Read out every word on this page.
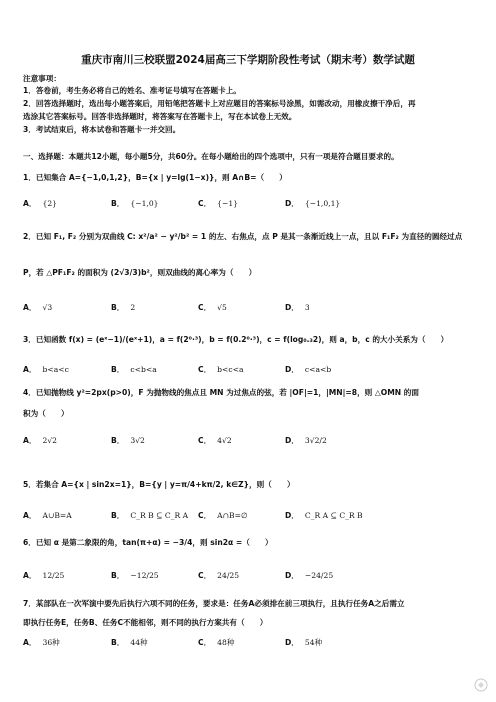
重庆市南川三校联盟2024届高三下学期阶段性考试（期末考）数学试题
注意事项：
1．答卷前，考生务必将自己的姓名、准考证号填写在答题卡上。
2．回答选择题时，选出每小题答案后，用铅笔把答题卡上对应题目的答案标号涂黑，如需改动，用橡皮擦干净后，再
选涂其它答案标号。回答非选择题时，将答案写在答题卡上，写在本试卷上无效。
3．考试结束后，将本试卷和答题卡一并交回。
一、选择题：本题共12小题，每小题5分，共60分。在每小题给出的四个选项中，只有一项是符合题目要求的。
1．已知集合 A={−1,0,1,2}，B={x | y=lg(1−x)}，则 A∩B=（　　）
A． {2}	B． {−1,0}	C． {−1}	D． {−1,0,1}
2．已知 F₁, F₂ 分别为双曲线 C: x²/a² − y²/b² = 1 的左、右焦点，点 P 是其一条渐近线上一点，且以 F₁F₂ 为直径的圆经过点
P，若 △PF₁F₂ 的面积为 (2√3/3)b²，则双曲线的离心率为（　　）
A． √3	B． 2	C． √5	D． 3
3．已知函数 f(x) = (eˣ−1)/(eˣ+1)，a = f(2⁰·³)，b = f(0.2⁰·³)，c = f(log₀.₃2)，则 a，b，c 的大小关系为（　　）
A． b<a<c	B． c<b<a	C． b<c<a	D． c<a<b
4．已知抛物线 y²=2px(p>0)，F 为抛物线的焦点且 MN 为过焦点的弦，若 |OF|=1，|MN|=8，则 △OMN 的面
积为（　　）
A． 2√2	B． 3√2	C． 4√2	D． 3√2/2
5．若集合 A={x | sin2x=1}，B={y | y=π/4+kπ/2, k∈Z}，则（　　）
A． A∪B=A	B． C_R B ⊆ C_R A C． A∩B=∅	D． C_R A ⊆ C_R B
6．已知 α 是第二象限的角，tan(π+α) = −3/4，则 sin2α =（　　）
A． 12/25	B． −12/25	C． 24/25	D． −24/25
7．某部队在一次军演中要先后执行六项不同的任务，要求是：任务A必须排在前三项执行，且执行任务A之后需立
即执行任务E，任务B、任务C不能相邻，则不同的执行方案共有（　　）
A． 36种	B． 44种	C． 48种	D． 54种
